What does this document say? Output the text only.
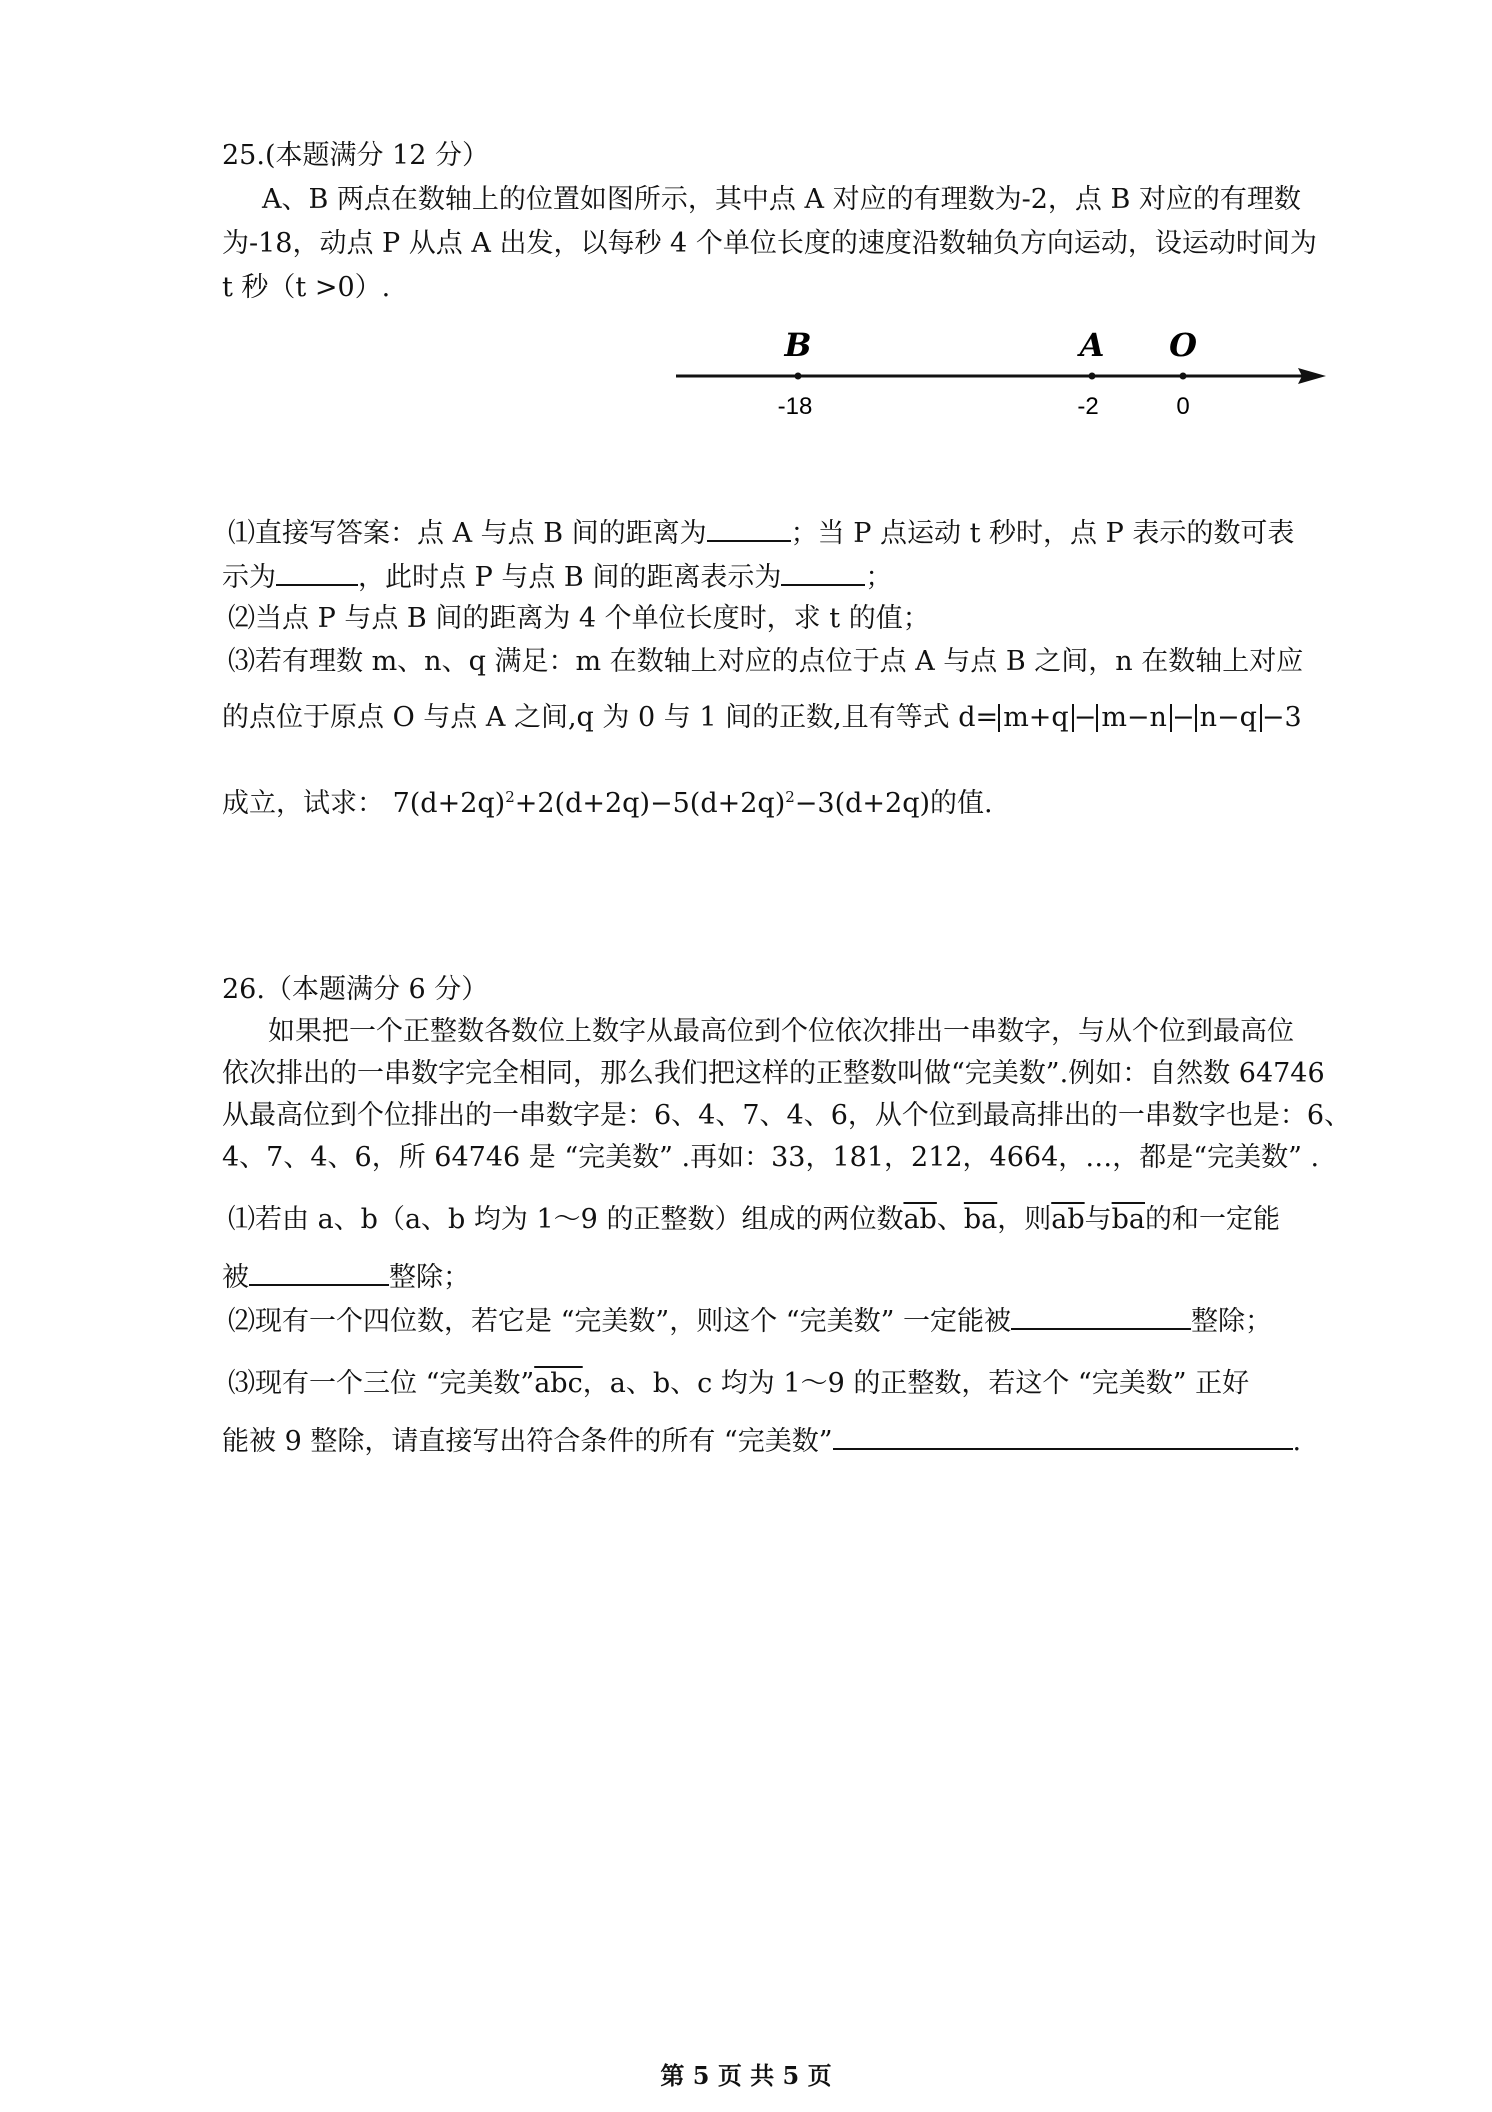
25.(本题满分 12 分）
A、B 两点在数轴上的位置如图所示，其中点 A 对应的有理数为-2，点 B 对应的有理数
为-18，动点 P 从点 A 出发，以每秒 4 个单位长度的速度沿数轴负方向运动，设运动时间为
t 秒（t >0）.
B	A O
-18	-2	0
⑴直接写答案：点 A 与点 B 间的距离为	；当 P 点运动 t 秒时，点 P 表示的数可表
示为	，此时点 P 与点 B 间的距离表示为	；
⑵当点 P 与点 B 间的距离为 4 个单位长度时，求 t 的值；
⑶若有理数 m、n、q 满足：m 在数轴上对应的点位于点 A 与点 B 之间，n 在数轴上对应
的点位于原点 O 与点 A 之间,q 为 0 与 1 间的正数,且有等式 d= m+q − m−n − n−q −3
成立，试求： $7(d+2q)^2+2(d+2q)-5(d+2q)^2-3(d+2q)$的值.
26.（本题满分 6 分）
如果把一个正整数各数位上数字从最高位到个位依次排出一串数字，与从个位到最高位
依次排出的一串数字完全相同，那么我们把这样的正整数叫做“完美数”.例如：自然数 64746
从最高位到个位排出的一串数字是：6、4、7、4、6，从个位到最高排出的一串数字也是：6、
4、7、4、6，所 64746 是 “完美数” .再如：33，181，212，4664，…，都是“完美数” .
⑴若由 a、b（a、b 均为 1～9 的正整数）组成的两位数$\overline{ab}$、$\overline{ba}$，则$\overline{ab}$与$\overline{ba}$的和一定能
被	整除；
⑵现有一个四位数，若它是 “完美数”，则这个 “完美数” 一定能被	整除；
⑶现有一个三位 “完美数$”\overline{abc}$，a、b、c 均为 1～9 的正整数，若这个 “完美数” 正好
能被 9 整除，请直接写出符合条件的所有 “完美数”	.
第 5 页 共 5 页
